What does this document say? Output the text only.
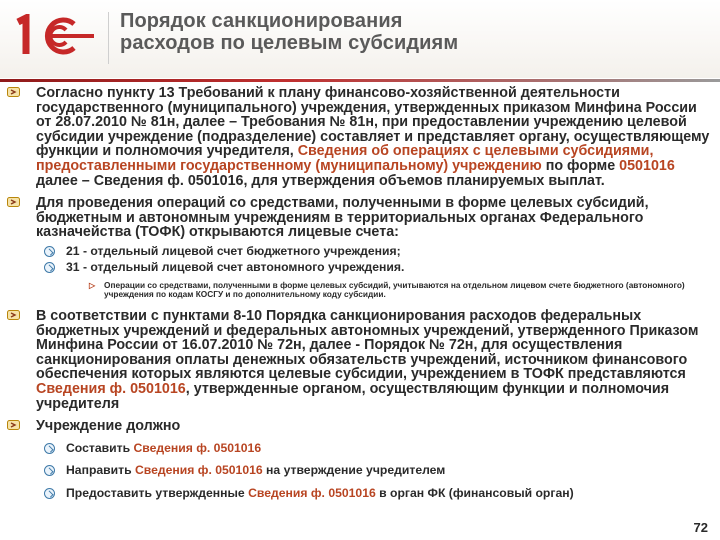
Порядок санкционирования
расходов по целевым субсидиям
Согласно пункту 13 Требований к плану финансово-хозяйственной деятельности государственного (муниципального) учреждения, утвержденных приказом Минфина России от 28.07.2010 № 81н, далее – Требования № 81н, при предоставлении учреждению целевой субсидии учреждение (подразделение) составляет и представляет органу, осуществляющему функции и полномочия учредителя, Сведения об операциях с целевыми субсидиями, предоставленными государственному (муниципальному) учреждению по форме 0501016 далее – Сведения ф. 0501016, для утверждения объемов планируемых выплат.
Для проведения операций со средствами, полученными в форме целевых субсидий, бюджетным и автономным учреждениям в территориальных органах Федерального казначейства (ТОФК) открываются лицевые счета:
21 - отдельный лицевой счет бюджетного учреждения;
31 - отдельный лицевой счет автономного учреждения.
▷ Операции со средствами, полученными в форме целевых субсидий, учитываются на отдельном лицевом счете бюджетного (автономного) учреждения по кодам КОСГУ и по дополнительному коду субсидии.
В соответствии с пунктами 8-10 Порядка санкционирования расходов федеральных бюджетных учреждений и федеральных автономных учреждений, утвержденного Приказом Минфина России от 16.07.2010 № 72н, далее - Порядок № 72н, для осуществления санкционирования оплаты денежных обязательств учреждений, источником финансового обеспечения которых являются целевые субсидии, учреждением в ТОФК представляются Сведения ф. 0501016, утвержденные органом, осуществляющим функции и полномочия учредителя
Учреждение должно
Составить Сведения ф. 0501016
Направить Сведения ф. 0501016 на утверждение учредителем
Предоставить утвержденные Сведения ф. 0501016 в орган ФК (финансовый орган)
72
